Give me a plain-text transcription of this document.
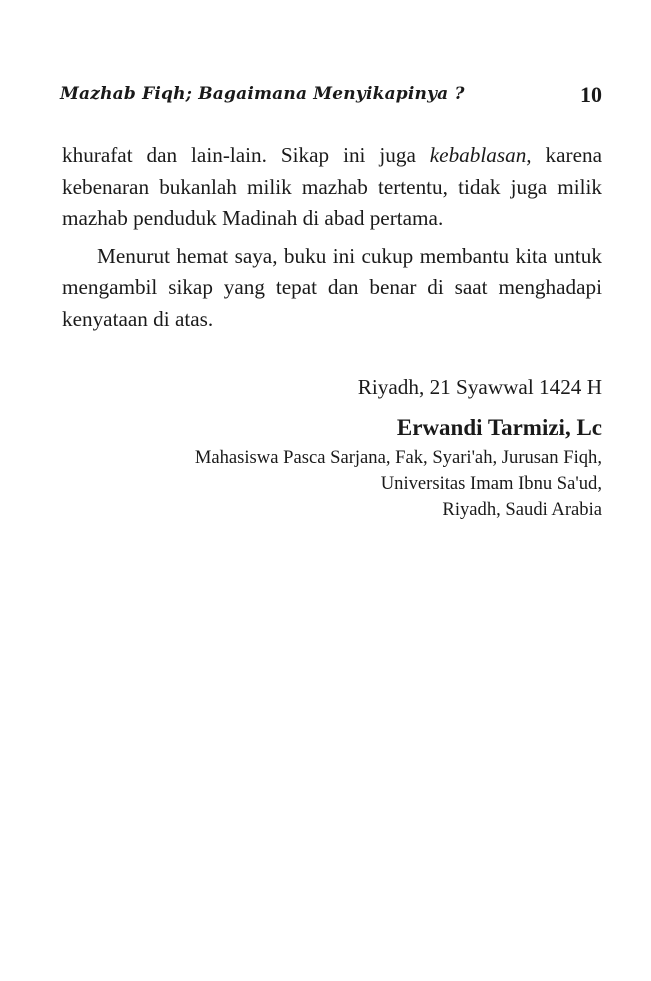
Mazhab Fiqh; Bagaimana Menyikapinya ?	10

khurafat dan lain-lain. Sikap ini juga kebablasan, karena kebenaran bukanlah milik mazhab tertentu, tidak juga milik mazhab penduduk Madinah di abad pertama.

Menurut hemat saya, buku ini cukup membantu kita untuk mengambil sikap yang tepat dan benar di saat menghadapi kenyataan di atas.

Riyadh, 21 Syawwal 1424 H
Erwandi Tarmizi, Lc
Mahasiswa Pasca Sarjana, Fak, Syari'ah, Jurusan Fiqh,
Universitas Imam Ibnu Sa'ud,
Riyadh, Saudi Arabia
